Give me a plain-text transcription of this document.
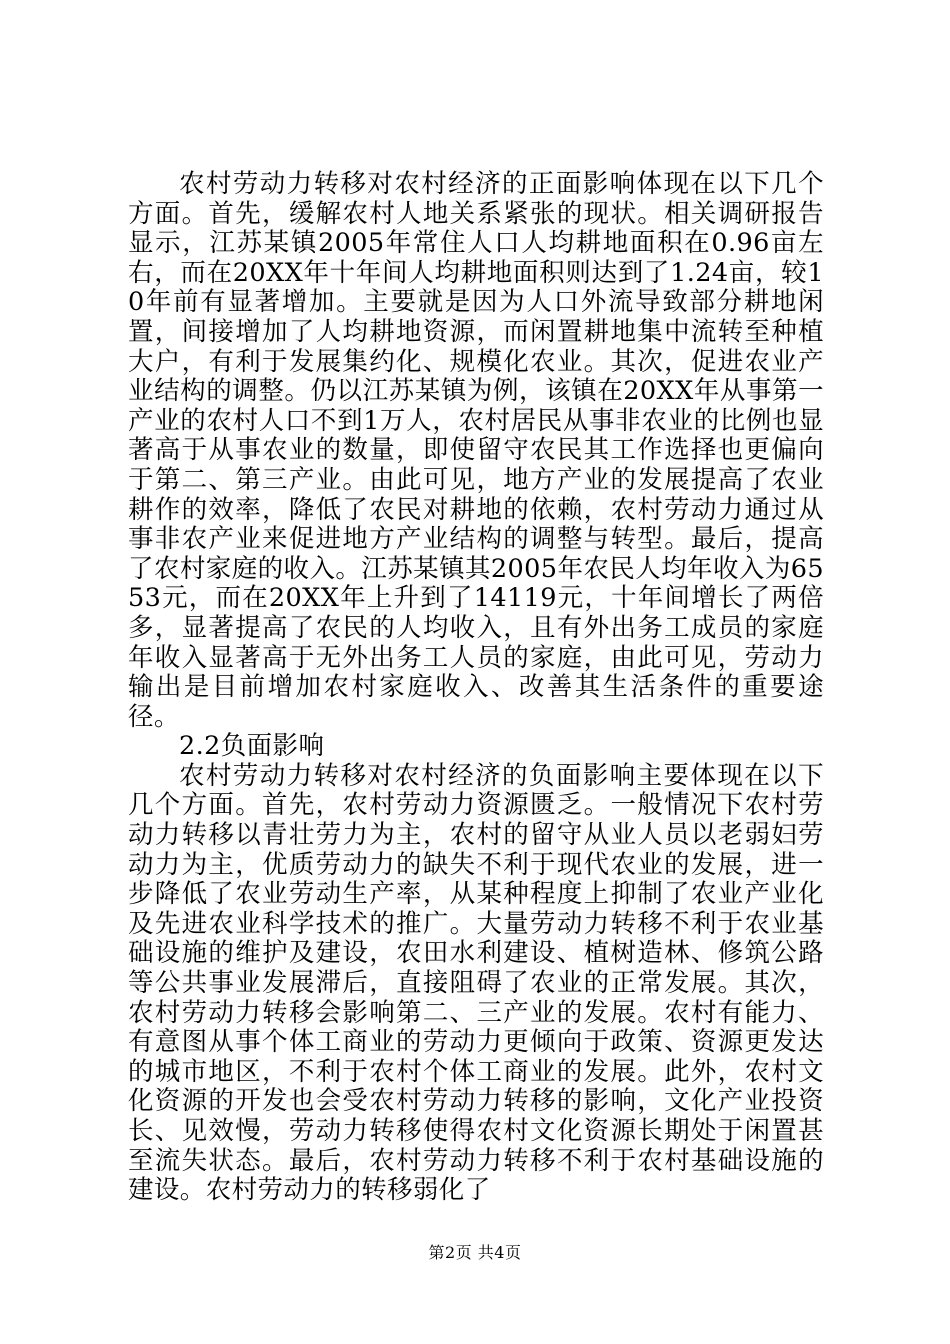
农村劳动力转移对农村经济的正面影响体现在以下几个方面。首先，缓解农村人地关系紧张的现状。相关调研报告显示，江苏某镇2005年常住人口人均耕地面积在0.96亩左右，而在20XX年十年间人均耕地面积则达到了1.24亩，较10年前有显著增加。主要就是因为人口外流导致部分耕地闲置，间接增加了人均耕地资源，而闲置耕地集中流转至种植大户，有利于发展集约化、规模化农业。其次，促进农业产业结构的调整。仍以江苏某镇为例，该镇在20XX年从事第一产业的农村人口不到1万人，农村居民从事非农业的比例也显著高于从事农业的数量，即使留守农民其工作选择也更偏向于第二、第三产业。由此可见，地方产业的发展提高了农业耕作的效率，降低了农民对耕地的依赖，农村劳动力通过从事非农产业来促进地方产业结构的调整与转型。最后，提高了农村家庭的收入。江苏某镇其2005年农民人均年收入为6553元，而在20XX年上升到了14119元，十年间增长了两倍多，显著提高了农民的人均收入，且有外出务工成员的家庭年收入显著高于无外出务工人员的家庭，由此可见，劳动力输出是目前增加农村家庭收入、改善其生活条件的重要途径。

2.2负面影响

农村劳动力转移对农村经济的负面影响主要体现在以下几个方面。首先，农村劳动力资源匮乏。一般情况下农村劳动力转移以青壮劳力为主，农村的留守从业人员以老弱妇劳动力为主，优质劳动力的缺失不利于现代农业的发展，进一步降低了农业劳动生产率，从某种程度上抑制了农业产业化及先进农业科学技术的推广。大量劳动力转移不利于农业基础设施的维护及建设，农田水利建设、植树造林、修筑公路等公共事业发展滞后，直接阻碍了农业的正常发展。其次，农村劳动力转移会影响第二、三产业的发展。农村有能力、有意图从事个体工商业的劳动力更倾向于政策、资源更发达的城市地区，不利于农村个体工商业的发展。此外，农村文化资源的开发也会受农村劳动力转移的影响，文化产业投资长、见效慢，劳动力转移使得农村文化资源长期处于闲置甚至流失状态。最后，农村劳动力转移不利于农村基础设施的建设。农村劳动力的转移弱化了

第2页 共4页
